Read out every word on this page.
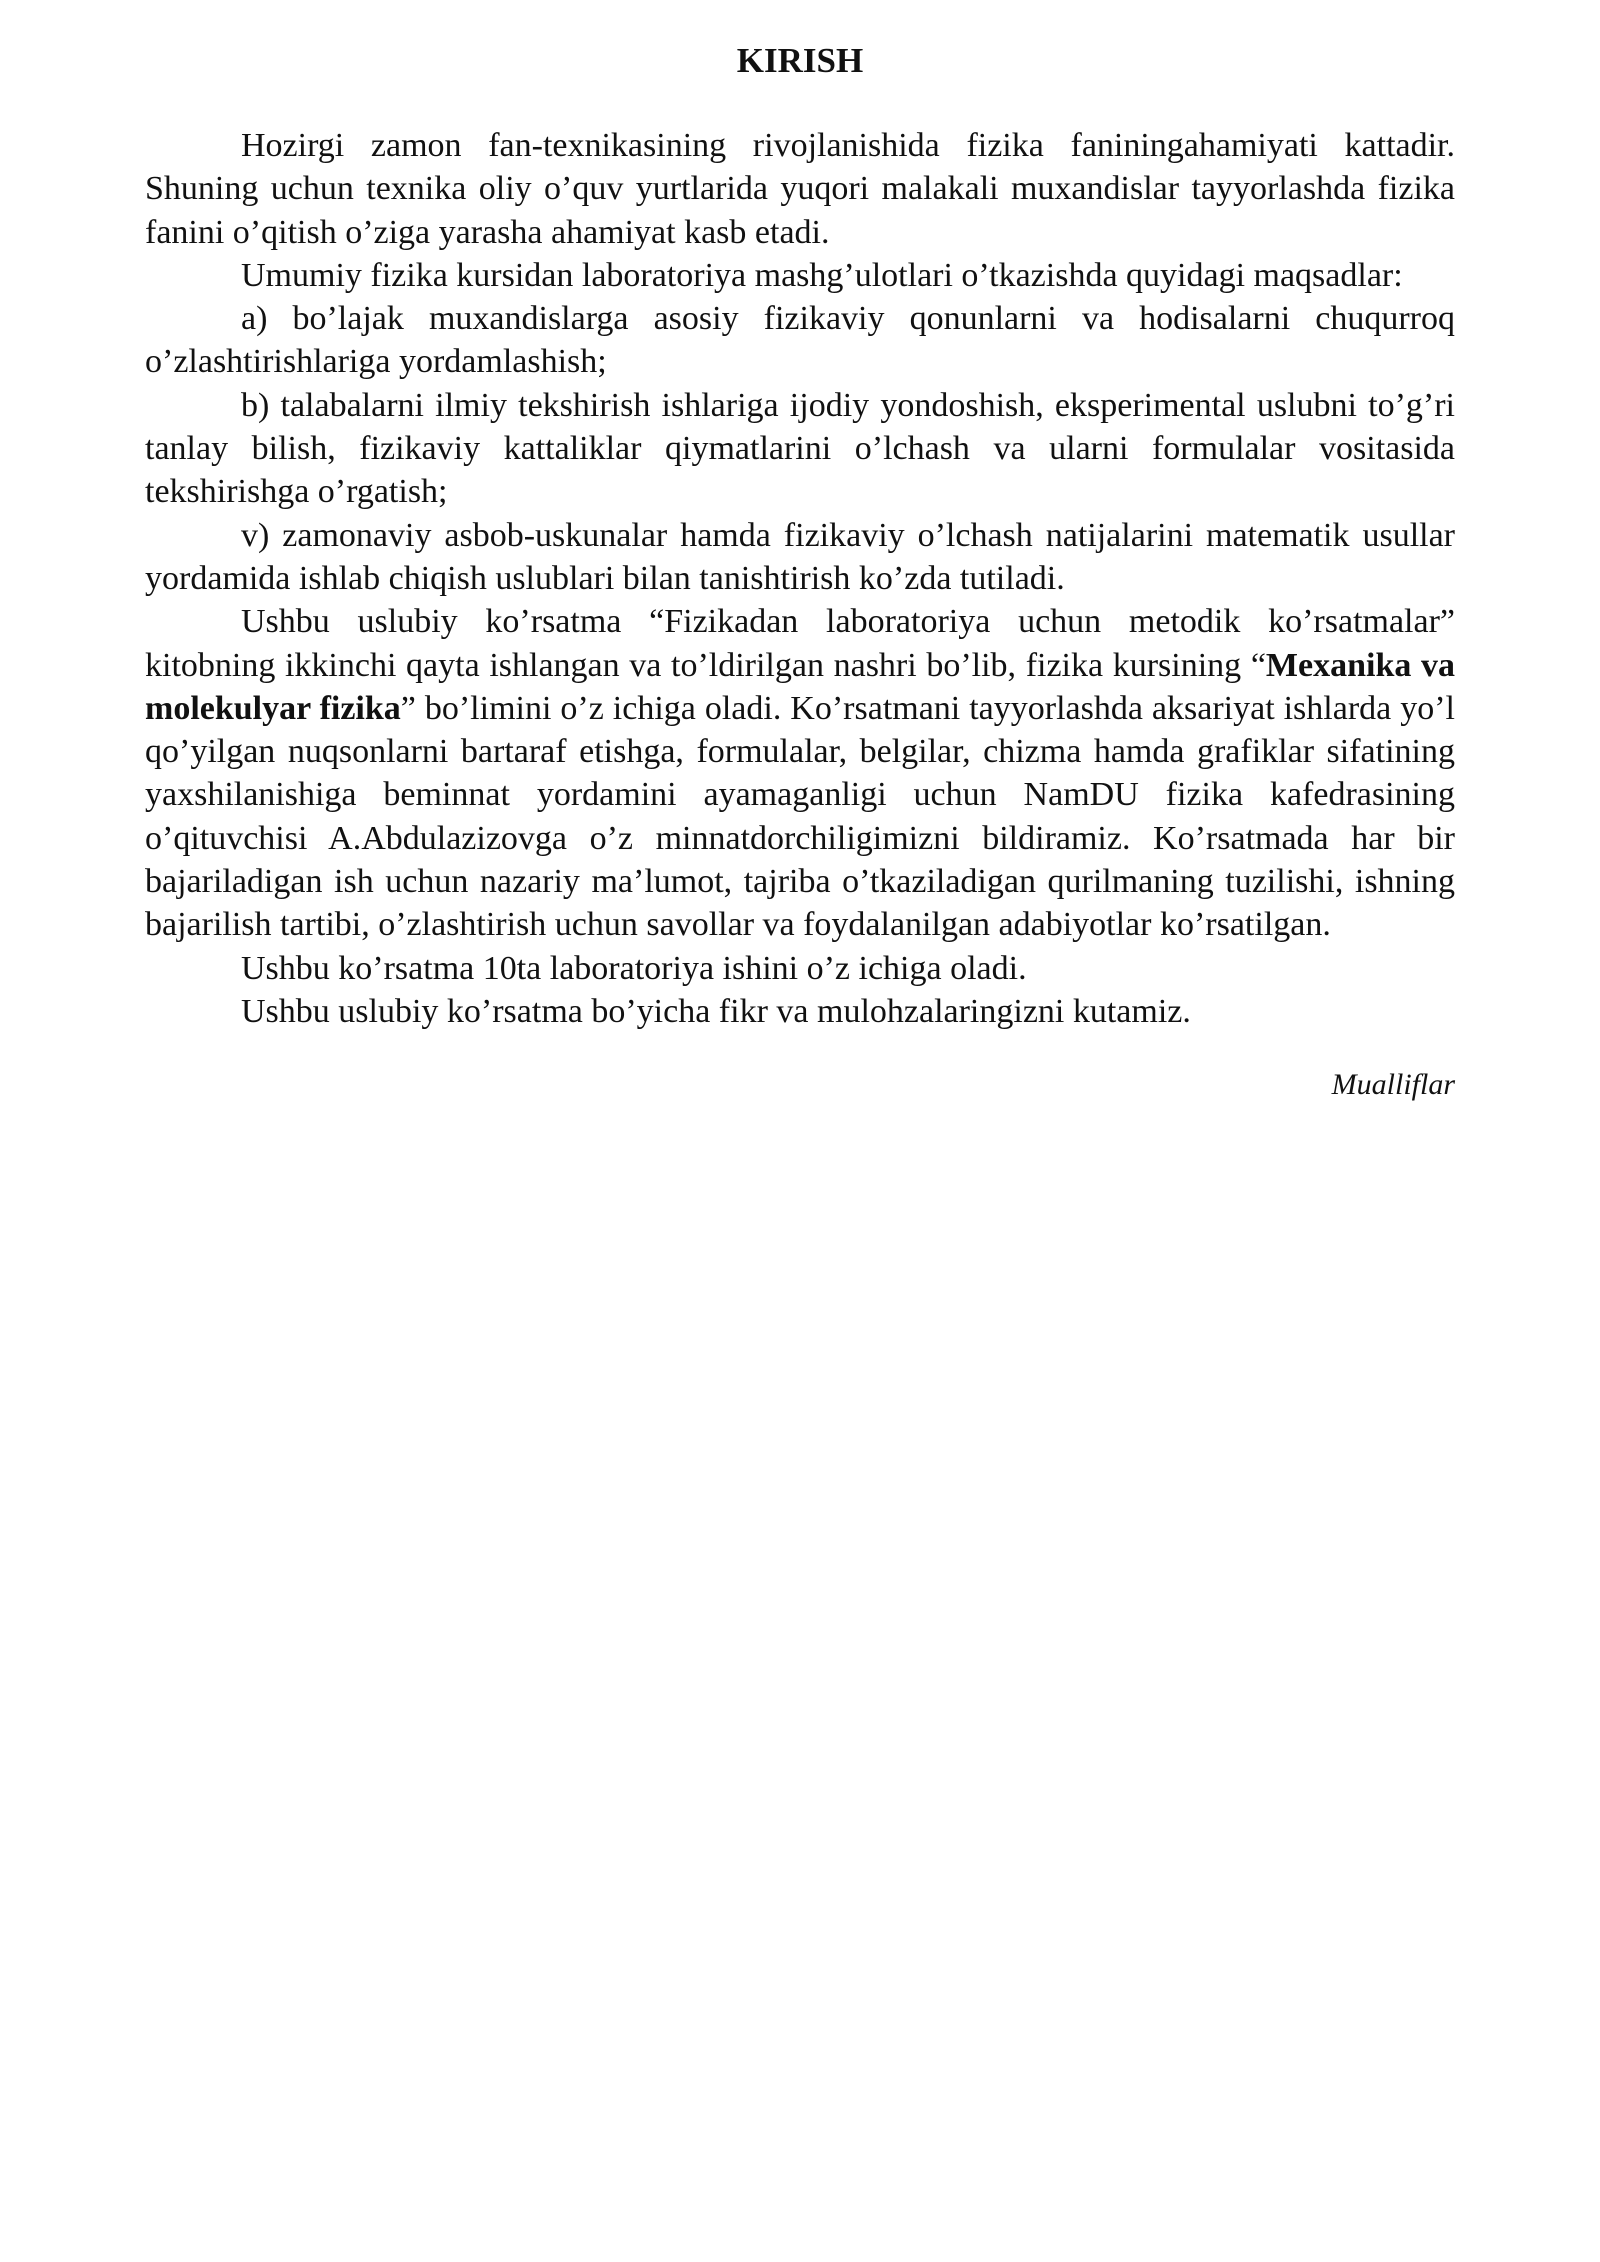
KIRISH

Hozirgi zamon fan-texnikasining rivojlanishida fizika faniningahamiyati kattadir. Shuning uchun texnika oliy o’quv yurtlarida yuqori malakali muxandislar tayyorlashda fizika fanini o’qitish o’ziga yarasha ahamiyat kasb etadi.

Umumiy fizika kursidan laboratoriya mashg’ulotlari o’tkazishda quyidagi maqsadlar:

a) bo’lajak muxandislarga asosiy fizikaviy qonunlarni va hodisalarni chuqurroq o’zlashtirishlariga yordamlashish;

b) talabalarni ilmiy tekshirish ishlariga ijodiy yondoshish, eksperimental uslubni to’g’ri tanlay bilish, fizikaviy kattaliklar qiymatlarini o’lchash va ularni formulalar vositasida tekshirishga o’rgatish;

v) zamonaviy asbob-uskunalar hamda fizikaviy o’lchash natijalarini matematik usullar yordamida ishlab chiqish uslublari bilan tanishtirish ko’zda tutiladi.

Ushbu uslubiy ko’rsatma “Fizikadan laboratoriya uchun metodik ko’rsatmalar” kitobning ikkinchi qayta ishlangan va to’ldirilgan nashri bo’lib, fizika kursining “Mexanika va molekulyar fizika” bo’limini o’z ichiga oladi. Ko’rsatmani tayyorlashda aksariyat ishlarda yo’l qo’yilgan nuqsonlarni bartaraf etishga, formulalar, belgilar, chizma hamda grafiklar sifatining yaxshilanishiga beminnat yordamini ayamaganligi uchun NamDU fizika kafedrasining o’qituvchisi A.Abdulazizovga o’z minnatdorchiligimizni bildiramiz. Ko’rsatmada har bir bajariladigan ish uchun nazariy ma’lumot, tajriba o’tkaziladigan qurilmaning tuzilishi, ishning bajarilish tartibi, o’zlashtirish uchun savollar va foydalanilgan adabiyotlar ko’rsatilgan.

Ushbu ko’rsatma 10ta laboratoriya ishini o’z ichiga oladi.

Ushbu uslubiy ko’rsatma bo’yicha fikr va mulohzalaringizni kutamiz.

Mualliflar
